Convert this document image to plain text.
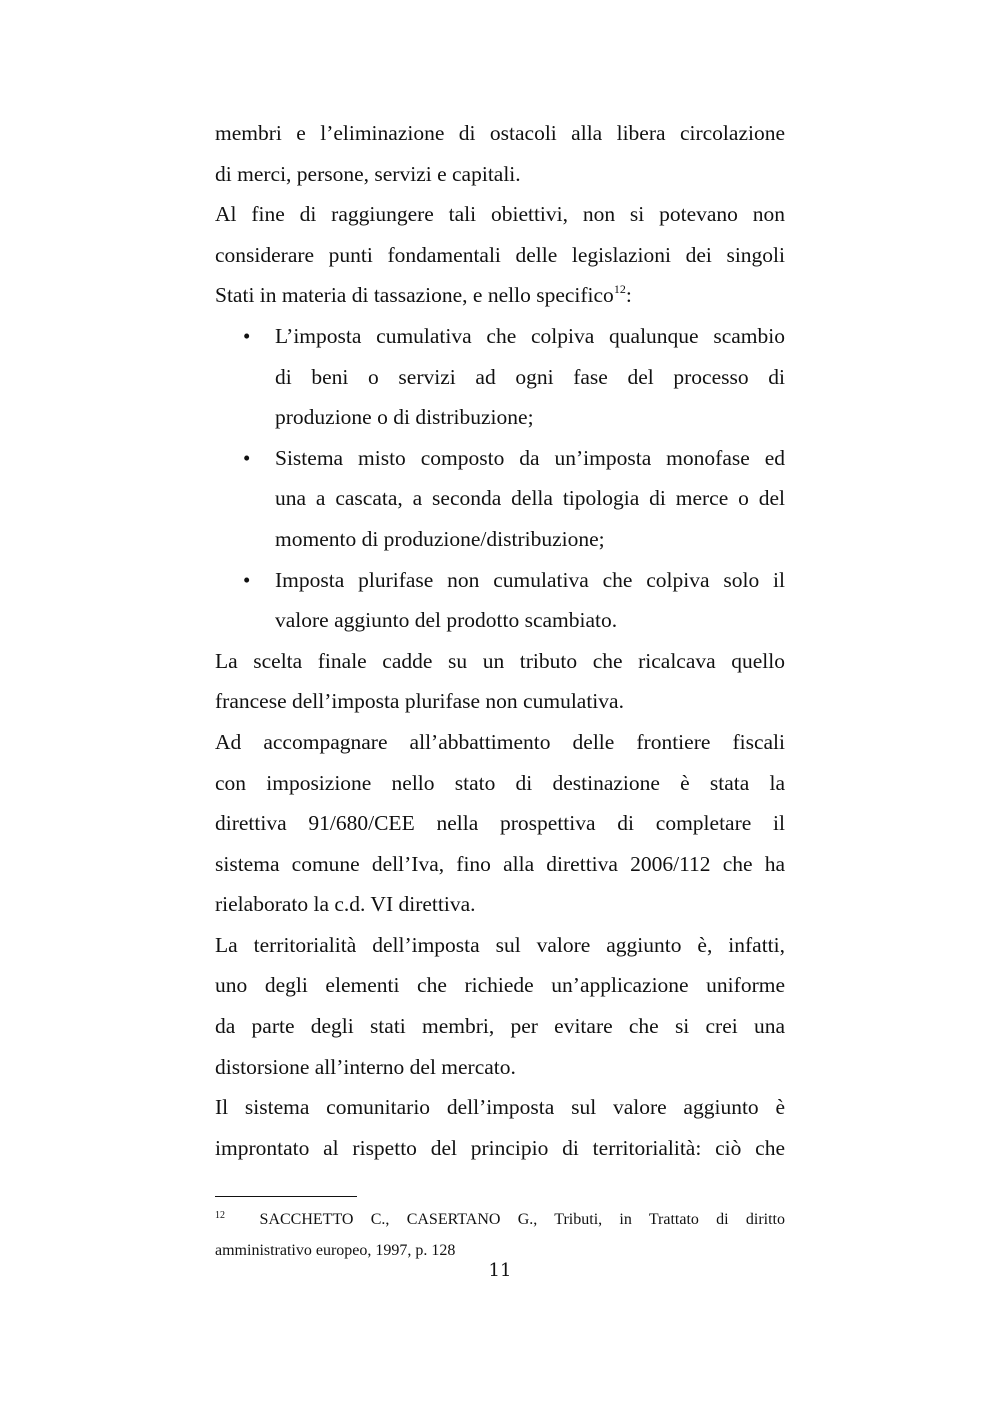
membri e l’eliminazione di ostacoli alla libera circolazione
di merci, persone, servizi e capitali.
Al fine di raggiungere tali obiettivi, non si potevano non
considerare punti fondamentali delle legislazioni dei singoli
Stati in materia di tassazione, e nello specifico$^{12}$:
• L’imposta cumulativa che colpiva qualunque scambio
di beni o servizi ad ogni fase del processo di
produzione o di distribuzione;
• Sistema misto composto da un’imposta monofase ed
una a cascata, a seconda della tipologia di merce o del
momento di produzione/distribuzione;
• Imposta plurifase non cumulativa che colpiva solo il
valore aggiunto del prodotto scambiato.
La scelta finale cadde su un tributo che ricalcava quello
francese dell’imposta plurifase non cumulativa.
Ad accompagnare all’abbattimento delle frontiere fiscali
con imposizione nello stato di destinazione è stata la
direttiva 91/680/CEE nella prospettiva di completare il
sistema comune dell’Iva, fino alla direttiva 2006/112 che ha
rielaborato la c.d. VI direttiva.
La territorialità dell’imposta sul valore aggiunto è, infatti,
uno degli elementi che richiede un’applicazione uniforme
da parte degli stati membri, per evitare che si crei una
distorsione all’interno del mercato.
Il sistema comunitario dell’imposta sul valore aggiunto è
improntato al rispetto del principio di territorialità: ciò che
$^{12}$ SACCHETTO C., CASERTANO G., Tributi, in Trattato di diritto
amministrativo europeo, 1997, p. 128
11
